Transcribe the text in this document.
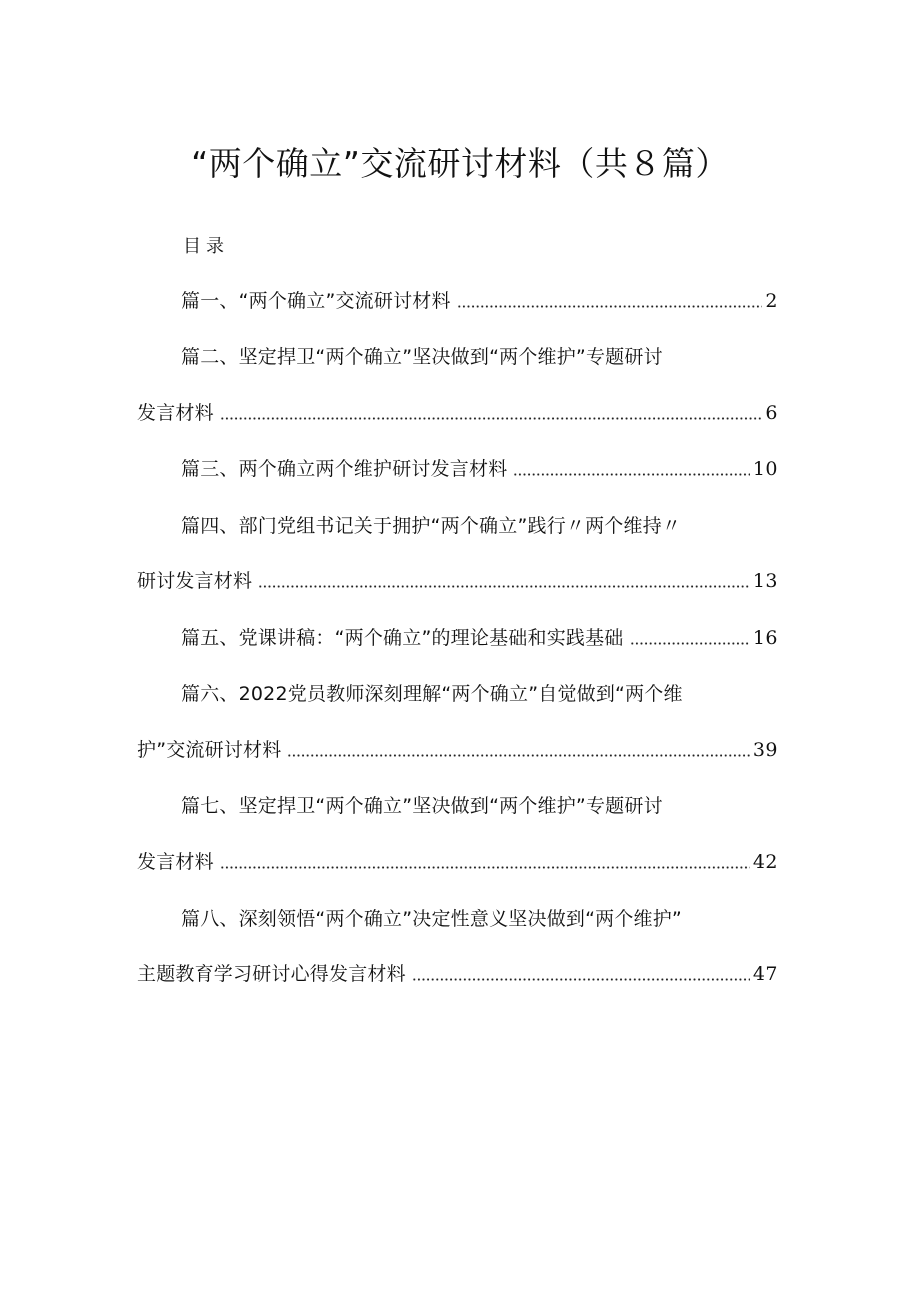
“两个确立”交流研讨材料（共８篇）
目录
篇一、“两个确立”交流研讨材料	2
篇二、坚定捍卫“两个确立”坚决做到“两个维护”专题研讨
发言材料	6
篇三、两个确立两个维护研讨发言材料	10
篇四、部门党组书记关于拥护“两个确立”践行〃两个维持〃
研讨发言材料	13
篇五、党课讲稿：“两个确立”的理论基础和实践基础	16
篇六、2022党员教师深刻理解“两个确立”自觉做到“两个维
护”交流研讨材料	39
篇七、坚定捍卫“两个确立”坚决做到“两个维护”专题研讨
发言材料	42
篇八、深刻领悟“两个确立”决定性意义坚决做到“两个维护”
主题教育学习研讨心得发言材料	47
